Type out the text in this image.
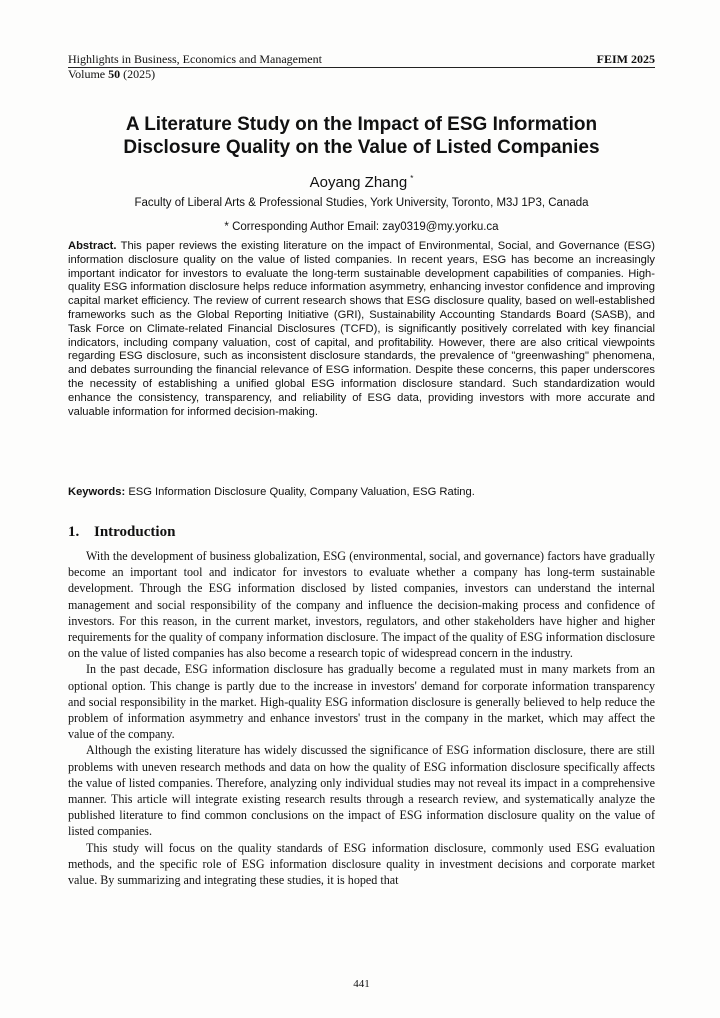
Highlights in Business, Economics and Management	FEIM 2025
Volume 50 (2025)
A Literature Study on the Impact of ESG Information
Disclosure Quality on the Value of Listed Companies
Aoyang Zhang *
Faculty of Liberal Arts & Professional Studies, York University, Toronto, M3J 1P3, Canada
* Corresponding Author Email: zay0319@my.yorku.ca

Abstract. This paper reviews the existing literature on the impact of Environmental, Social, and Governance (ESG) information disclosure quality on the value of listed companies. In recent years, ESG has become an increasingly important indicator for investors to evaluate the long-term sustainable development capabilities of companies. High-quality ESG information disclosure helps reduce information asymmetry, enhancing investor confidence and improving capital market efficiency. The review of current research shows that ESG disclosure quality, based on well-established frameworks such as the Global Reporting Initiative (GRI), Sustainability Accounting Standards Board (SASB), and Task Force on Climate-related Financial Disclosures (TCFD), is significantly positively correlated with key financial indicators, including company valuation, cost of capital, and profitability. However, there are also critical viewpoints regarding ESG disclosure, such as inconsistent disclosure standards, the prevalence of "greenwashing" phenomena, and debates surrounding the financial relevance of ESG information. Despite these concerns, this paper underscores the necessity of establishing a unified global ESG information disclosure standard. Such standardization would enhance the consistency, transparency, and reliability of ESG data, providing investors with more accurate and valuable information for informed decision-making.

Keywords: ESG Information Disclosure Quality, Company Valuation, ESG Rating.

1. Introduction

With the development of business globalization, ESG (environmental, social, and governance) factors have gradually become an important tool and indicator for investors to evaluate whether a company has long-term sustainable development. Through the ESG information disclosed by listed companies, investors can understand the internal management and social responsibility of the company and influence the decision-making process and confidence of investors. For this reason, in the current market, investors, regulators, and other stakeholders have higher and higher requirements for the quality of company information disclosure. The impact of the quality of ESG information disclosure on the value of listed companies has also become a research topic of widespread concern in the industry.

In the past decade, ESG information disclosure has gradually become a regulated must in many markets from an optional option. This change is partly due to the increase in investors' demand for corporate information transparency and social responsibility in the market. High-quality ESG information disclosure is generally believed to help reduce the problem of information asymmetry and enhance investors' trust in the company in the market, which may affect the value of the company.

Although the existing literature has widely discussed the significance of ESG information disclosure, there are still problems with uneven research methods and data on how the quality of ESG information disclosure specifically affects the value of listed companies. Therefore, analyzing only individual studies may not reveal its impact in a comprehensive manner. This article will integrate existing research results through a research review, and systematically analyze the published literature to find common conclusions on the impact of ESG information disclosure quality on the value of listed companies.

This study will focus on the quality standards of ESG information disclosure, commonly used ESG evaluation methods, and the specific role of ESG information disclosure quality in investment decisions and corporate market value. By summarizing and integrating these studies, it is hoped that

441
